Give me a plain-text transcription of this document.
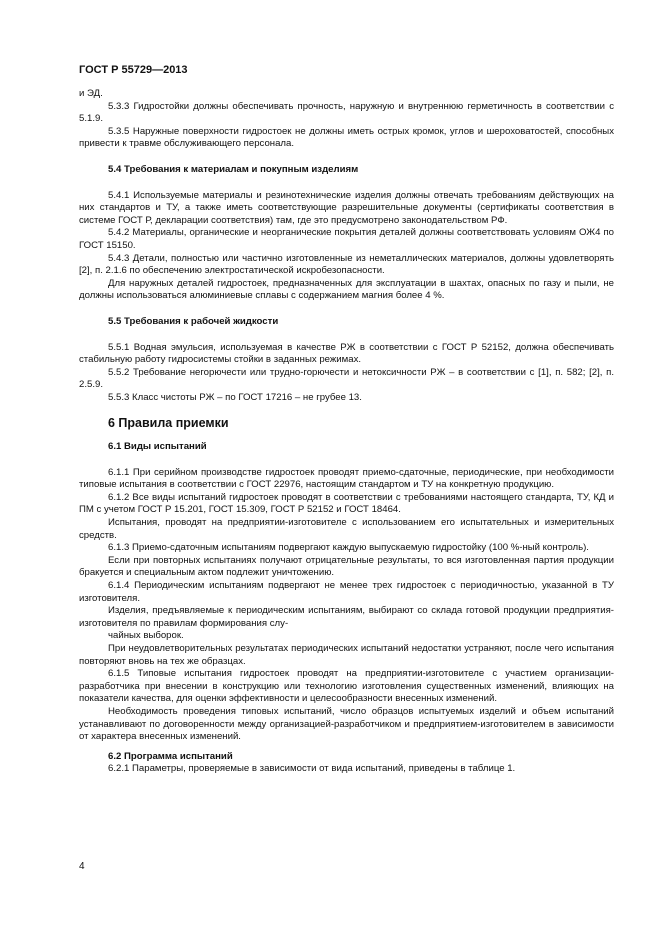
ГОСТ Р 55729—2013

и ЭД.

5.3.3 Гидростойки должны обеспечивать прочность, наружную и внутреннюю герметичность в соответствии с 5.1.9.

5.3.5 Наружные поверхности гидростоек не должны иметь острых кромок, углов и шероховатостей, способных привести к травме обслуживающего персонала.

5.4 Требования к материалам и покупным изделиям

5.4.1 Используемые материалы и резинотехнические изделия должны отвечать требованиям действующих на них стандартов и ТУ, а также иметь соответствующие разрешительные документы (сертификаты соответствия в системе ГОСТ Р, декларации соответствия) там, где это предусмотрено законодательством РФ.

5.4.2 Материалы, органические и неорганические покрытия деталей должны соответствовать условиям ОЖ4 по ГОСТ 15150.

5.4.3 Детали, полностью или частично изготовленные из неметаллических материалов, должны удовлетворять [2], п. 2.1.6 по обеспечению электростатической искробезопасности.

Для наружных деталей гидростоек, предназначенных для эксплуатации в шахтах, опасных по газу и пыли, не должны использоваться алюминиевые сплавы с содержанием магния более 4 %.

5.5 Требования к рабочей жидкости

5.5.1 Водная эмульсия, используемая в качестве РЖ в соответствии с ГОСТ Р 52152, должна обеспечивать стабильную работу гидросистемы стойки в заданных режимах.

5.5.2 Требование негорючести или трудно-горючести и нетоксичности РЖ – в соответствии с [1], п. 582; [2], п. 2.5.9.

5.5.3 Класс чистоты РЖ – по ГОСТ 17216 – не грубее 13.

6 Правила приемки

6.1 Виды испытаний

6.1.1 При серийном производстве гидростоек проводят приемо-сдаточные, периодические, при необходимости типовые испытания в соответствии с ГОСТ 22976, настоящим стандартом и ТУ на конкретную продукцию.

6.1.2 Все виды испытаний гидростоек проводят в соответствии с требованиями настоящего стандарта, ТУ, КД и ПМ с учетом ГОСТ Р 15.201, ГОСТ 15.309, ГОСТ Р 52152 и ГОСТ 18464.

Испытания, проводят на предприятии-изготовителе с использованием его испытательных и измерительных средств.

6.1.3 Приемо-сдаточным испытаниям подвергают каждую выпускаемую гидростойку (100 %-ный контроль).

Если при повторных испытаниях получают отрицательные результаты, то вся изготовленная партия продукции бракуется и специальным актом подлежит уничтожению.

6.1.4 Периодическим испытаниям подвергают не менее трех гидростоек с периодичностью, указанной в ТУ изготовителя.

Изделия, предъявляемые к периодическим испытаниям, выбирают со склада готовой продукции предприятия-изготовителя по правилам формирования слу-

чайных выборок.

При неудовлетворительных результатах периодических испытаний недостатки устраняют, после чего испытания повторяют вновь на тех же образцах.

6.1.5 Типовые испытания гидростоек проводят на предприятии-изготовителе с участием организации-разработчика при внесении в конструкцию или технологию изготовления существенных изменений, влияющих на показатели качества, для оценки эффективности и целесообразности внесенных изменений.

Необходимость проведения типовых испытаний, число образцов испытуемых изделий и объем испытаний устанавливают по договоренности между организацией-разработчиком и предприятием-изготовителем в зависимости от характера внесенных изменений.

6.2 Программа испытаний

6.2.1 Параметры, проверяемые в зависимости от вида испытаний, приведены в таблице 1.

4
